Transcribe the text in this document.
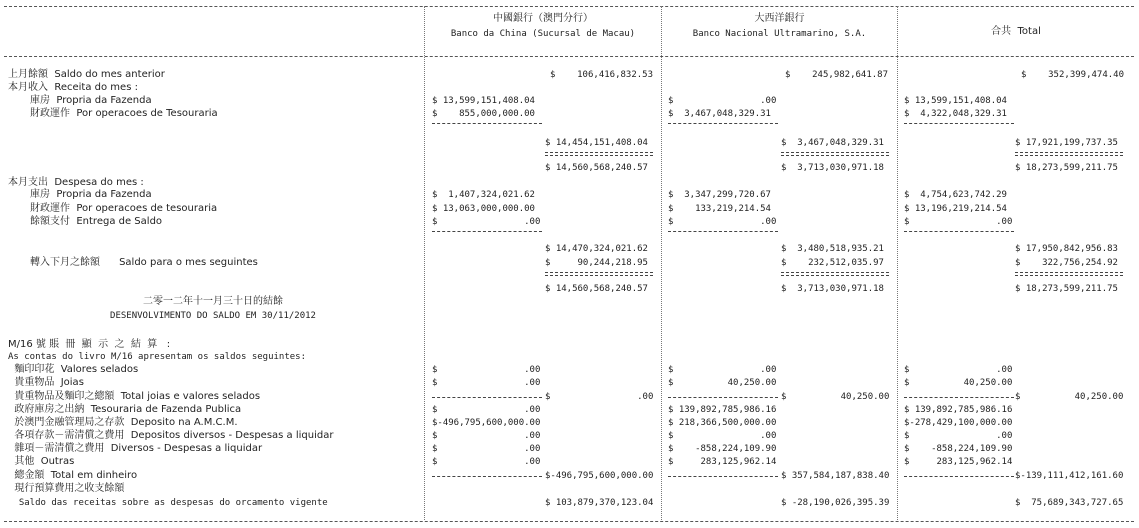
中國銀行（澳門分行）
Banco da China (Sucursal de Macau)
大西洋銀行
Banco Nacional Ultramarino, S.A.	合共  Total
上月餘額  Saldo do mes anterior	$    106,416,832.53	$    245,982,641.87	$    352,399,474.40
本月收入  Receita do mes :
庫房  Propria da Fazenda	$ 13,599,151,408.04	$                .00	$ 13,599,151,408.04
財政運作  Por operacoes de Tesouraria	$    855,000,000.00	$  3,467,048,329.31	$  4,322,048,329.31
$ 14,454,151,408.04	$  3,467,048,329.31	$ 17,921,199,737.35
$ 14,560,568,240.57	$  3,713,030,971.18	$ 18,273,599,211.75
本月支出  Despesa do mes :
庫房  Propria da Fazenda	$  1,407,324,021.62	$  3,347,299,720.67	$  4,754,623,742.29
財政運作  Por operacoes de tesouraria	$ 13,063,000,000.00	$    133,219,214.54	$ 13,196,219,214.54
餘額支付  Entrega de Saldo	$                .00	$                .00	$                .00
$ 14,470,324,021.62	$  3,480,518,935.21	$ 17,950,842,956.83
轉入下月之餘額      Saldo para o mes seguintes	$     90,244,218.95	$    232,512,035.97	$    322,756,254.92
$ 14,560,568,240.57	$  3,713,030,971.18	$ 18,273,599,211.75
二零一二年十一月三十日的結餘
DESENVOLVIMENTO DO SALDO EM 30/11/2012
M/16 號 賬  冊  顯  示  之  結  算   :
As contas do livro M/16 apresentam os saldos seguintes:
麵印印花  Valores selados	$                .00	$                .00	$                .00
貴重物品  Joias	$                .00	$          40,250.00	$          40,250.00
貴重物品及麵印之總額  Total joias e valores selados	$                .00	$          40,250.00	$          40,250.00
政府庫房之出納  Tesouraria de Fazenda Publica	$                .00	$ 139,892,785,986.16	$ 139,892,785,986.16
於澳門金融管理局之存款  Deposito na A.M.C.M.	$-496,795,600,000.00	$ 218,366,500,000.00	$-278,429,100,000.00
各項存款－需清償之費用  Depositos diversos - Despesas a liquidar	$                .00	$                .00	$                .00
雜項－需清償之費用  Diversos - Despesas a liquidar	$                .00	$    -858,224,109.90	$    -858,224,109.90
其他  Outras	$                .00	$     283,125,962.14	$     283,125,962.14
總金額  Total em dinheiro	$-496,795,600,000.00	$ 357,584,187,838.40	$-139,111,412,161.60
現行預算費用之收支餘額
Saldo das receitas sobre as despesas do orcamento vigente	$ 103,879,370,123.04	$ -28,190,026,395.39	$  75,689,343,727.65
